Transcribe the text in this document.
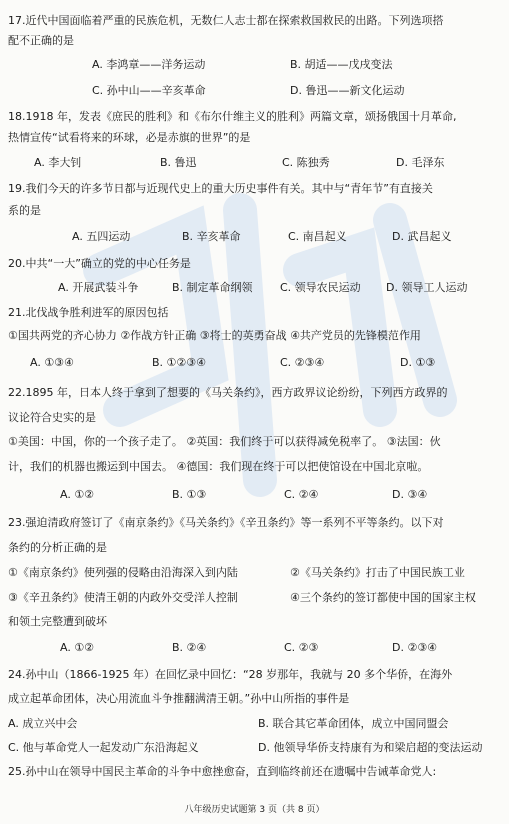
17.近代中国面临着严重的民族危机，无数仁人志士都在探索救国救民的出路。下列选项搭
配不正确的是
A. 李鸿章——洋务运动	B. 胡适——戊戌变法
C. 孙中山——辛亥革命	D. 鲁迅——新文化运动
18.1918 年，发表《庶民的胜利》和《布尔什维主义的胜利》两篇文章，颂扬俄国十月革命,
热情宣传“试看将来的环球，必是赤旗的世界”的是
A. 李大钊	B. 鲁迅	C. 陈独秀	D. 毛泽东
19.我们今天的许多节日都与近现代史上的重大历史事件有关。其中与“青年节”有直接关
系的是
A. 五四运动	B. 辛亥革命	C. 南昌起义	D. 武昌起义
20.中共“一大”确立的党的中心任务是
A. 开展武装斗争	B. 制定革命纲领 C. 领导农民运动 D. 领导工人运动
21.北伐战争胜利进军的原因包括
①国共两党的齐心协力 ②作战方针正确 ③将士的英勇奋战 ④共产党员的先锋模范作用
A. ①③④	B. ①②③④	C. ②③④	D. ①③
22.1895 年，日本人终于拿到了想要的《马关条约》，西方政界议论纷纷，下列西方政界的
议论符合史实的是
①美国：中国，你的一个孩子走了。 ②英国：我们终于可以获得减免税率了。 ③法国：伙
计，我们的机器也搬运到中国去。 ④德国：我们现在终于可以把使馆设在中国北京啦。
A. ①②	B. ①③	C. ②④	D. ③④
23.强迫清政府签订了《南京条约》《马关条约》《辛丑条约》等一系列不平等条约。以下对
条约的分析正确的是
①《南京条约》使列强的侵略由沿海深入到内陆	②《马关条约》打击了中国民族工业
③《辛丑条约》使清王朝的内政外交受洋人控制	④三个条约的签订都使中国的国家主权
和领土完整遭到破坏
A. ①②	B. ②④	C. ②③	D. ②③④
24.孙中山（1866-1925 年）在回忆录中回忆：“28 岁那年，我就与 20 多个华侨，在海外
成立起革命团体，决心用流血斗争推翻满清王朝。”孙中山所指的事件是
A. 成立兴中会	B. 联合其它革命团体，成立中国同盟会
C. 他与革命党人一起发动广东沿海起义	D. 他领导华侨支持康有为和梁启超的变法运动
25.孙中山在领导中国民主革命的斗争中愈挫愈奋，直到临终前还在遗嘱中告诫革命党人:
八年级历史试题第 3 页（共 8 页）
